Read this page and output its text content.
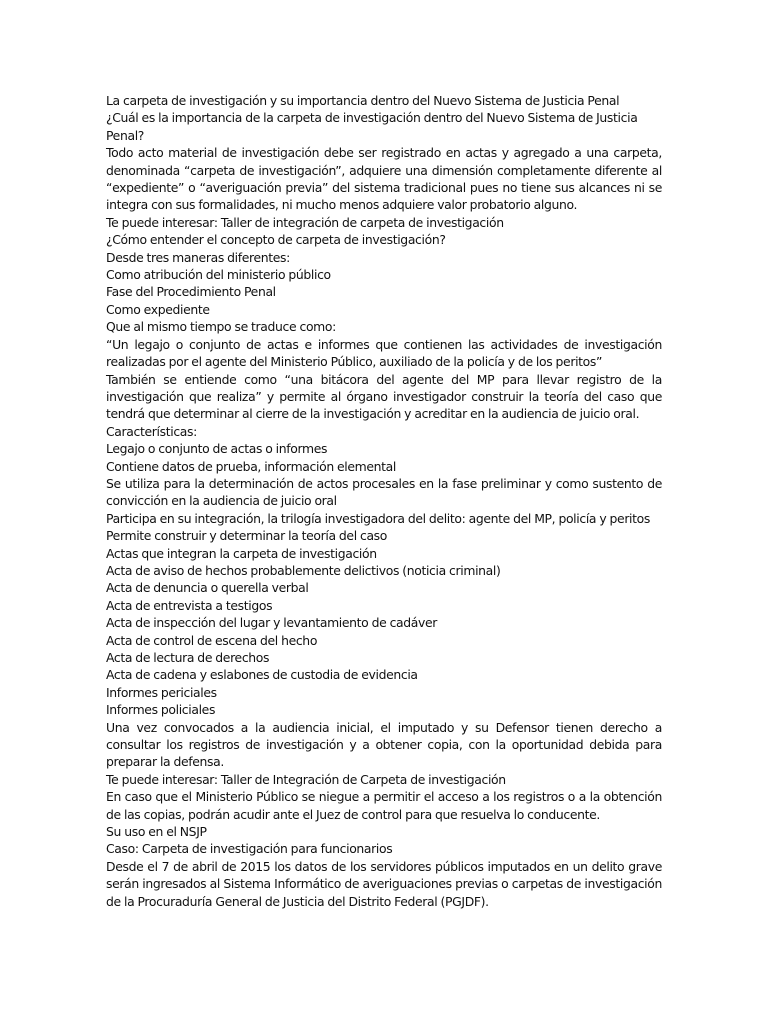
La carpeta de investigación y su importancia dentro del Nuevo Sistema de Justicia Penal

¿Cuál es la importancia de la carpeta de investigación dentro del Nuevo Sistema de Justicia Penal?

Todo acto material de investigación debe ser registrado en actas y agregado a una carpeta, denominada “carpeta de investigación”, adquiere una dimensión completamente diferente al “expediente” o “averiguación previa” del sistema tradicional pues no tiene sus alcances ni se integra con sus formalidades, ni mucho menos adquiere valor probatorio alguno.

Te puede interesar: Taller de integración de carpeta de investigación

¿Cómo entender el concepto de carpeta de investigación?

Desde tres maneras diferentes:

Como atribución del ministerio público

Fase del Procedimiento Penal

Como expediente

Que al mismo tiempo se traduce como:

“Un legajo o conjunto de actas e informes que contienen las actividades de investigación realizadas por el agente del Ministerio Público, auxiliado de la policía y de los peritos”

También se entiende como “una bitácora del agente del MP para llevar registro de la investigación que realiza” y permite al órgano investigador construir la teoría del caso que tendrá que determinar al cierre de la investigación y acreditar en la audiencia de juicio oral.

Características:

Legajo o conjunto de actas o informes

Contiene datos de prueba, información elemental

Se utiliza para la determinación de actos procesales en la fase preliminar y como sustento de convicción en la audiencia de juicio oral

Participa en su integración, la trilogía investigadora del delito: agente del MP, policía y peritos

Permite construir y determinar la teoría del caso

Actas que integran la carpeta de investigación

Acta de aviso de hechos probablemente delictivos (noticia criminal)

Acta de denuncia o querella verbal

Acta de entrevista a testigos

Acta de inspección del lugar y levantamiento de cadáver

Acta de control de escena del hecho

Acta de lectura de derechos

Acta de cadena y eslabones de custodia de evidencia

Informes periciales

Informes policiales

Una vez convocados a la audiencia inicial, el imputado y su Defensor tienen derecho a consultar los registros de investigación y a obtener copia, con la oportunidad debida para preparar la defensa.

Te puede interesar: Taller de Integración de Carpeta de investigación

En caso que el Ministerio Público se niegue a permitir el acceso a los registros o a la obtención de las copias, podrán acudir ante el Juez de control para que resuelva lo conducente.

Su uso en el NSJP

Caso: Carpeta de investigación para funcionarios

Desde el 7 de abril de 2015 los datos de los servidores públicos imputados en un delito grave serán ingresados al Sistema Informático de averiguaciones previas o carpetas de investigación de la Procuraduría General de Justicia del Distrito Federal (PGJDF).
